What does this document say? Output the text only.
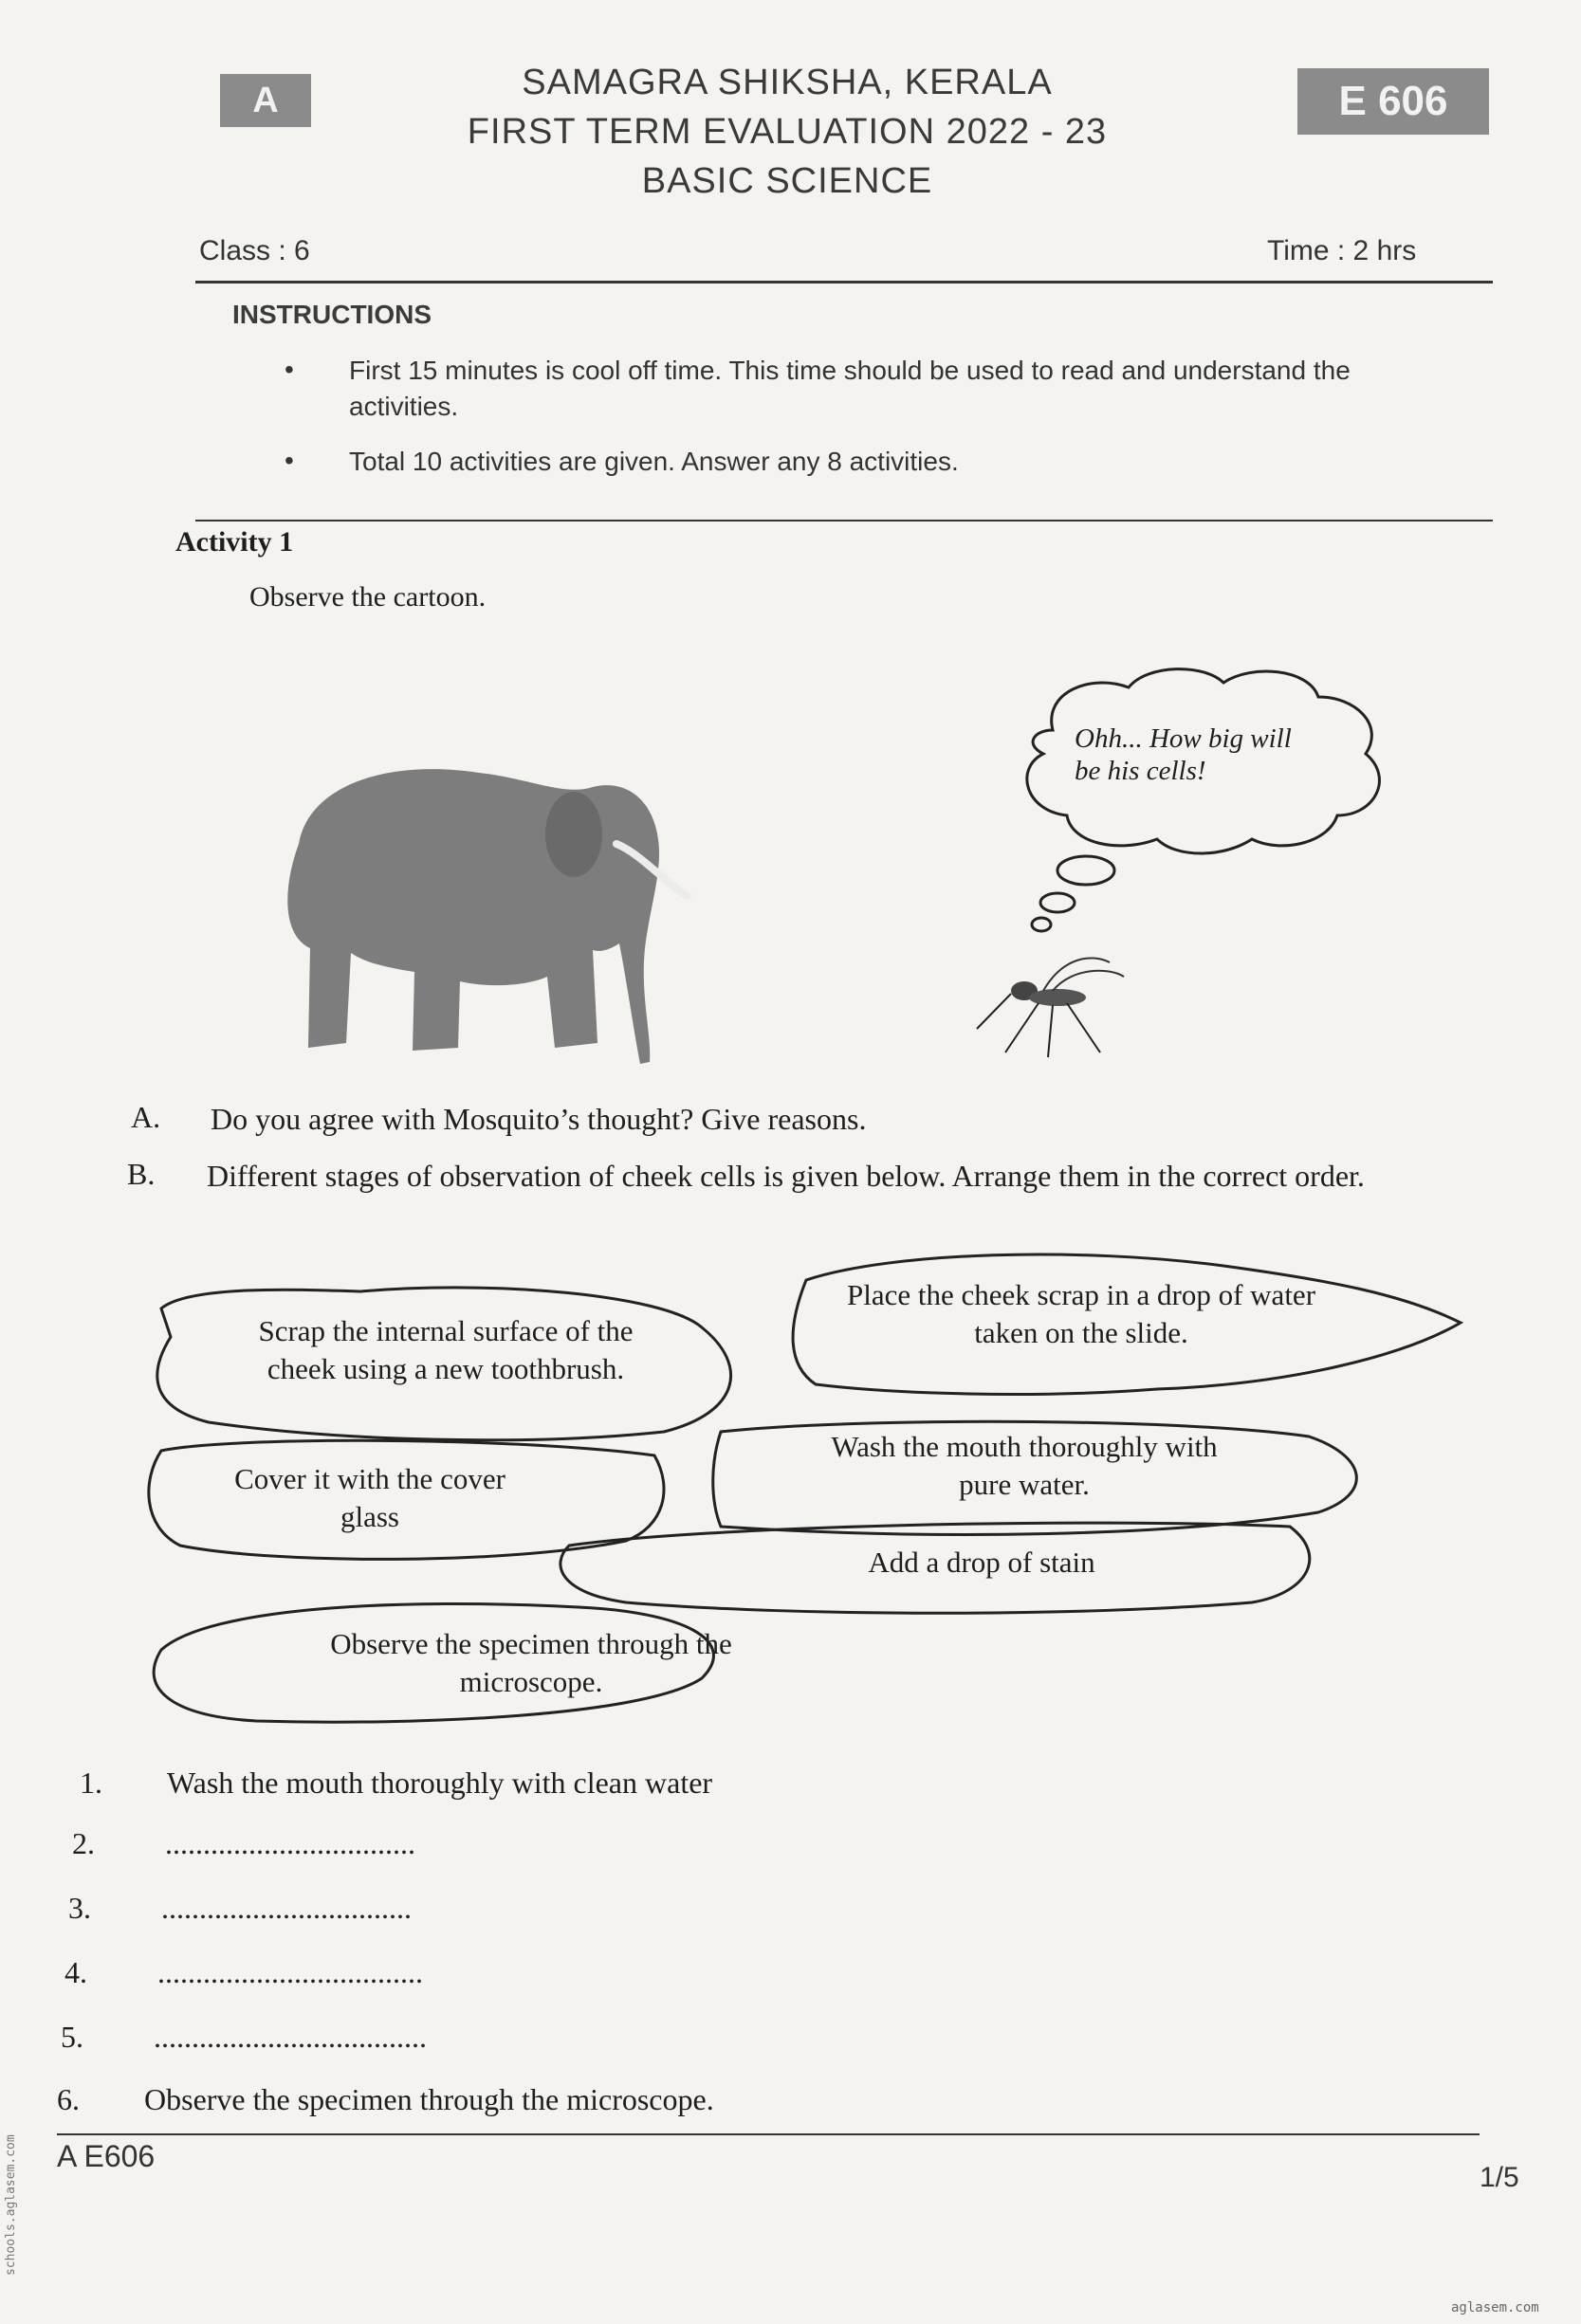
A	E 606
SAMAGRA SHIKSHA, KERALA
FIRST TERM EVALUATION 2022 - 23
BASIC SCIENCE
Class : 6	Time : 2 hrs
INSTRUCTIONS
• First 15 minutes is cool off time. This time should be used to read and understand the activities.
• Total 10 activities are given. Answer any 8 activities.
Activity 1
Observe the cartoon.
Ohh... How big will be his cells!
A. Do you agree with Mosquito’s thought? Give reasons.
B. Different stages of observation of cheek cells is given below. Arrange them in the correct order.
Scrap the internal surface of the cheek using a new toothbrush.
Place the cheek scrap in a drop of water taken on the slide.
Cover it with the cover glass
Wash the mouth thoroughly with pure water.
Add a drop of stain
Observe the specimen through the microscope.
1. Wash the mouth thoroughly with clean water
2. .................................
3. .................................
4. ...................................
5. ....................................
6. Observe the specimen through the microscope.
A E606
1/5
schools.aglasem.com
aglasem.com
